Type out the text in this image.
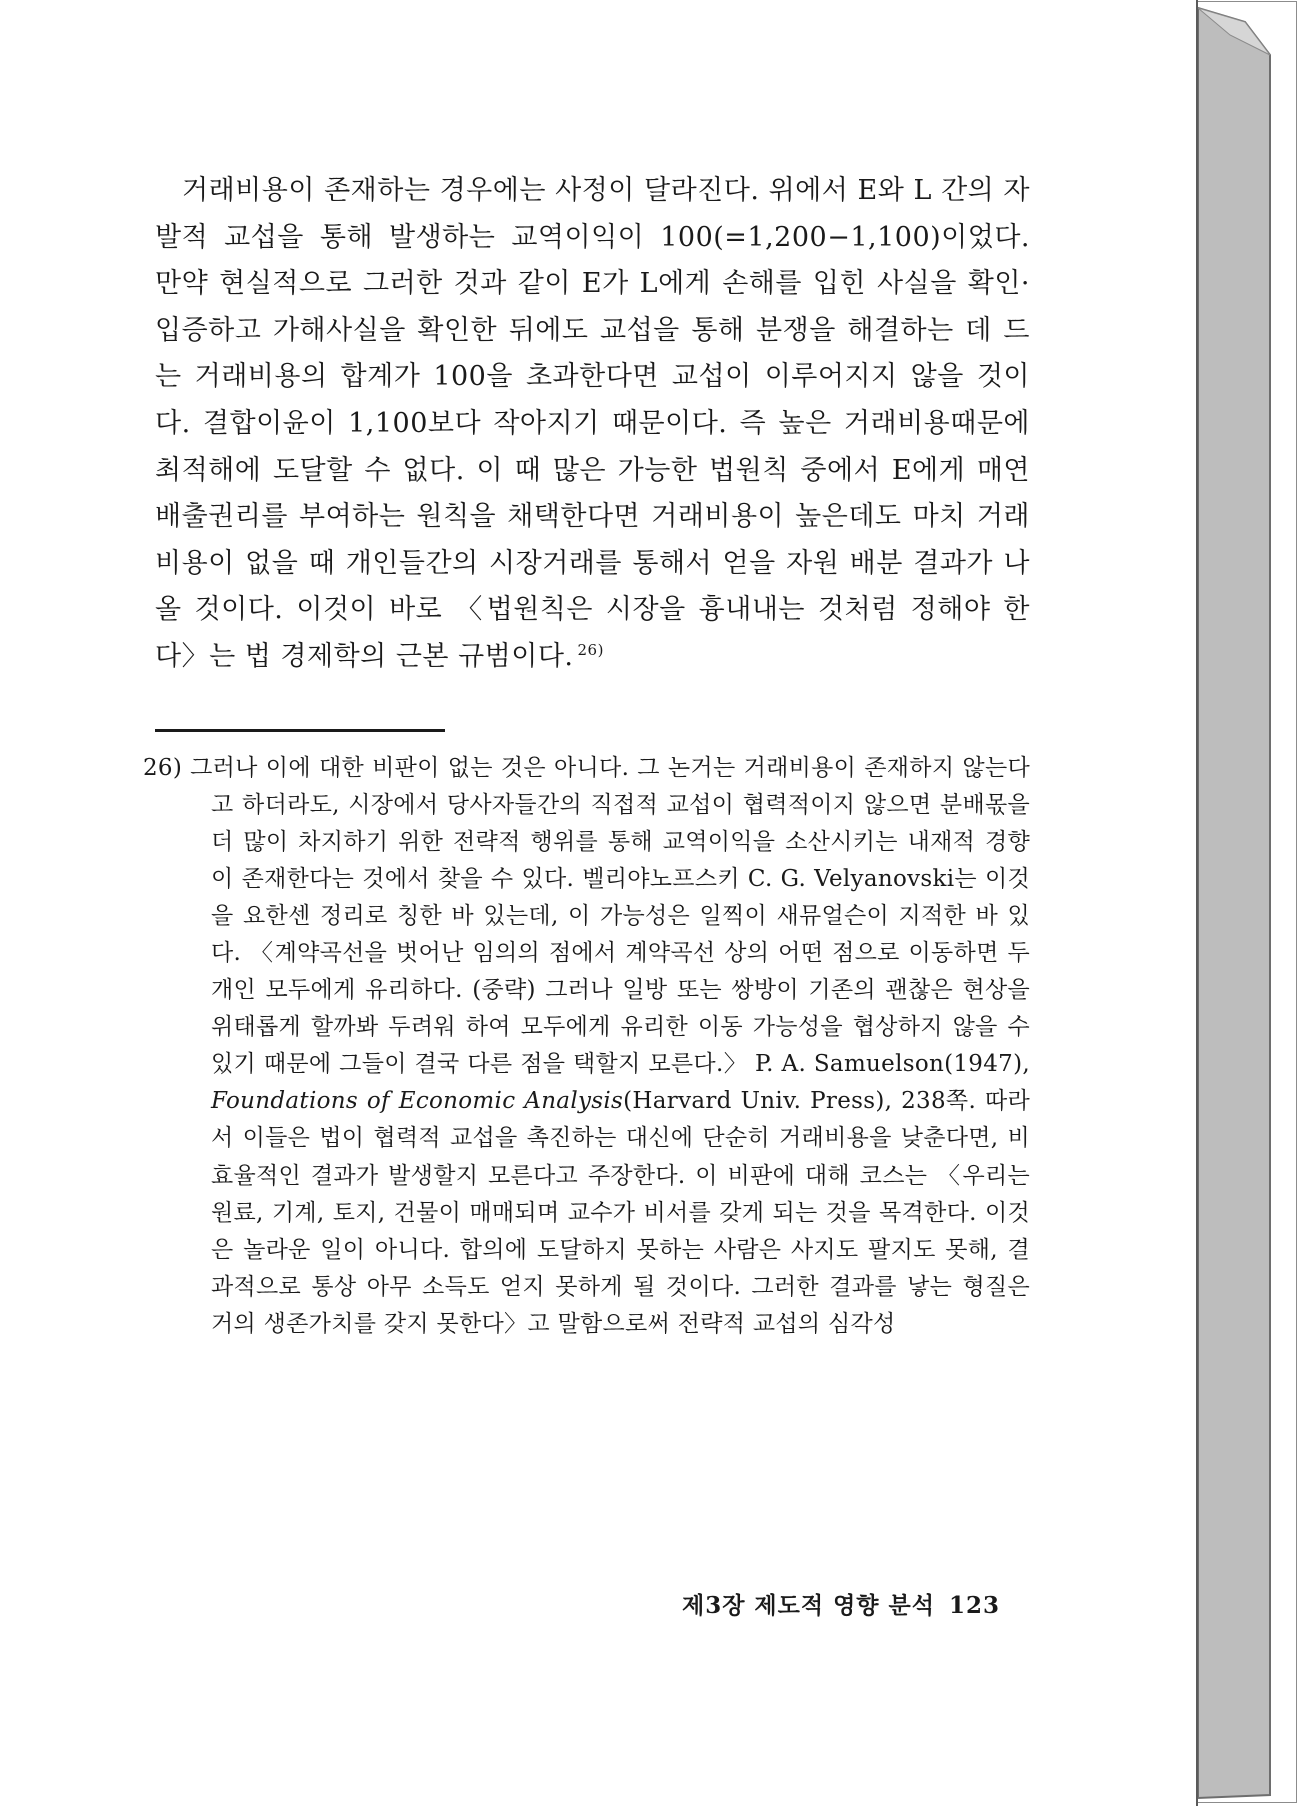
거래비용이 존재하는 경우에는 사정이 달라진다. 위에서 E와 L 간의 자발적 교섭을 통해 발생하는 교역이익이 100(=1,200−1,100)이었다. 만약 현실적으로 그러한 것과 같이 E가 L에게 손해를 입힌 사실을 확인·입증하고 가해사실을 확인한 뒤에도 교섭을 통해 분쟁을 해결하는 데 드는 거래비용의 합계가 100을 초과한다면 교섭이 이루어지지 않을 것이다. 결합이윤이 1,100보다 작아지기 때문이다. 즉 높은 거래비용때문에 최적해에 도달할 수 없다. 이 때 많은 가능한 법원칙 중에서 E에게 매연 배출권리를 부여하는 원칙을 채택한다면 거래비용이 높은데도 마치 거래비용이 없을 때 개인들간의 시장거래를 통해서 얻을 자원 배분 결과가 나올 것이다. 이것이 바로 〈법원칙은 시장을 흉내내는 것처럼 정해야 한다〉는 법 경제학의 근본 규범이다. $^{26)}$

26) 그러나 이에 대한 비판이 없는 것은 아니다. 그 논거는 거래비용이 존재하지 않는다고 하더라도, 시장에서 당사자들간의 직접적 교섭이 협력적이지 않으면 분배몫을 더 많이 차지하기 위한 전략적 행위를 통해 교역이익을 소산시키는 내재적 경향이 존재한다는 것에서 찾을 수 있다. 벨리야노프스키 C. G. Velyanovski는 이것을 요한센 정리로 칭한 바 있는데, 이 가능성은 일찍이 새뮤얼슨이 지적한 바 있다. 〈계약곡선을 벗어난 임의의 점에서 계약곡선 상의 어떤 점으로 이동하면 두 개인 모두에게 유리하다. (중략) 그러나 일방 또는 쌍방이 기존의 괜찮은 현상을 위태롭게 할까봐 두려워 하여 모두에게 유리한 이동 가능성을 협상하지 않을 수 있기 때문에 그들이 결국 다른 점을 택할지 모른다.〉 P. A. Samuelson(1947), Foundations of Economic Analysis(Harvard Univ. Press), 238쪽. 따라서 이들은 법이 협력적 교섭을 촉진하는 대신에 단순히 거래비용을 낮춘다면, 비효율적인 결과가 발생할지 모른다고 주장한다. 이 비판에 대해 코스는 〈우리는 원료, 기계, 토지, 건물이 매매되며 교수가 비서를 갖게 되는 것을 목격한다. 이것은 놀라운 일이 아니다. 합의에 도달하지 못하는 사람은 사지도 팔지도 못해, 결과적으로 통상 아무 소득도 얻지 못하게 될 것이다. 그러한 결과를 낳는 형질은 거의 생존가치를 갖지 못한다〉고 말함으로써 전략적 교섭의 심각성
제3장 제도적 영향 분석 123
